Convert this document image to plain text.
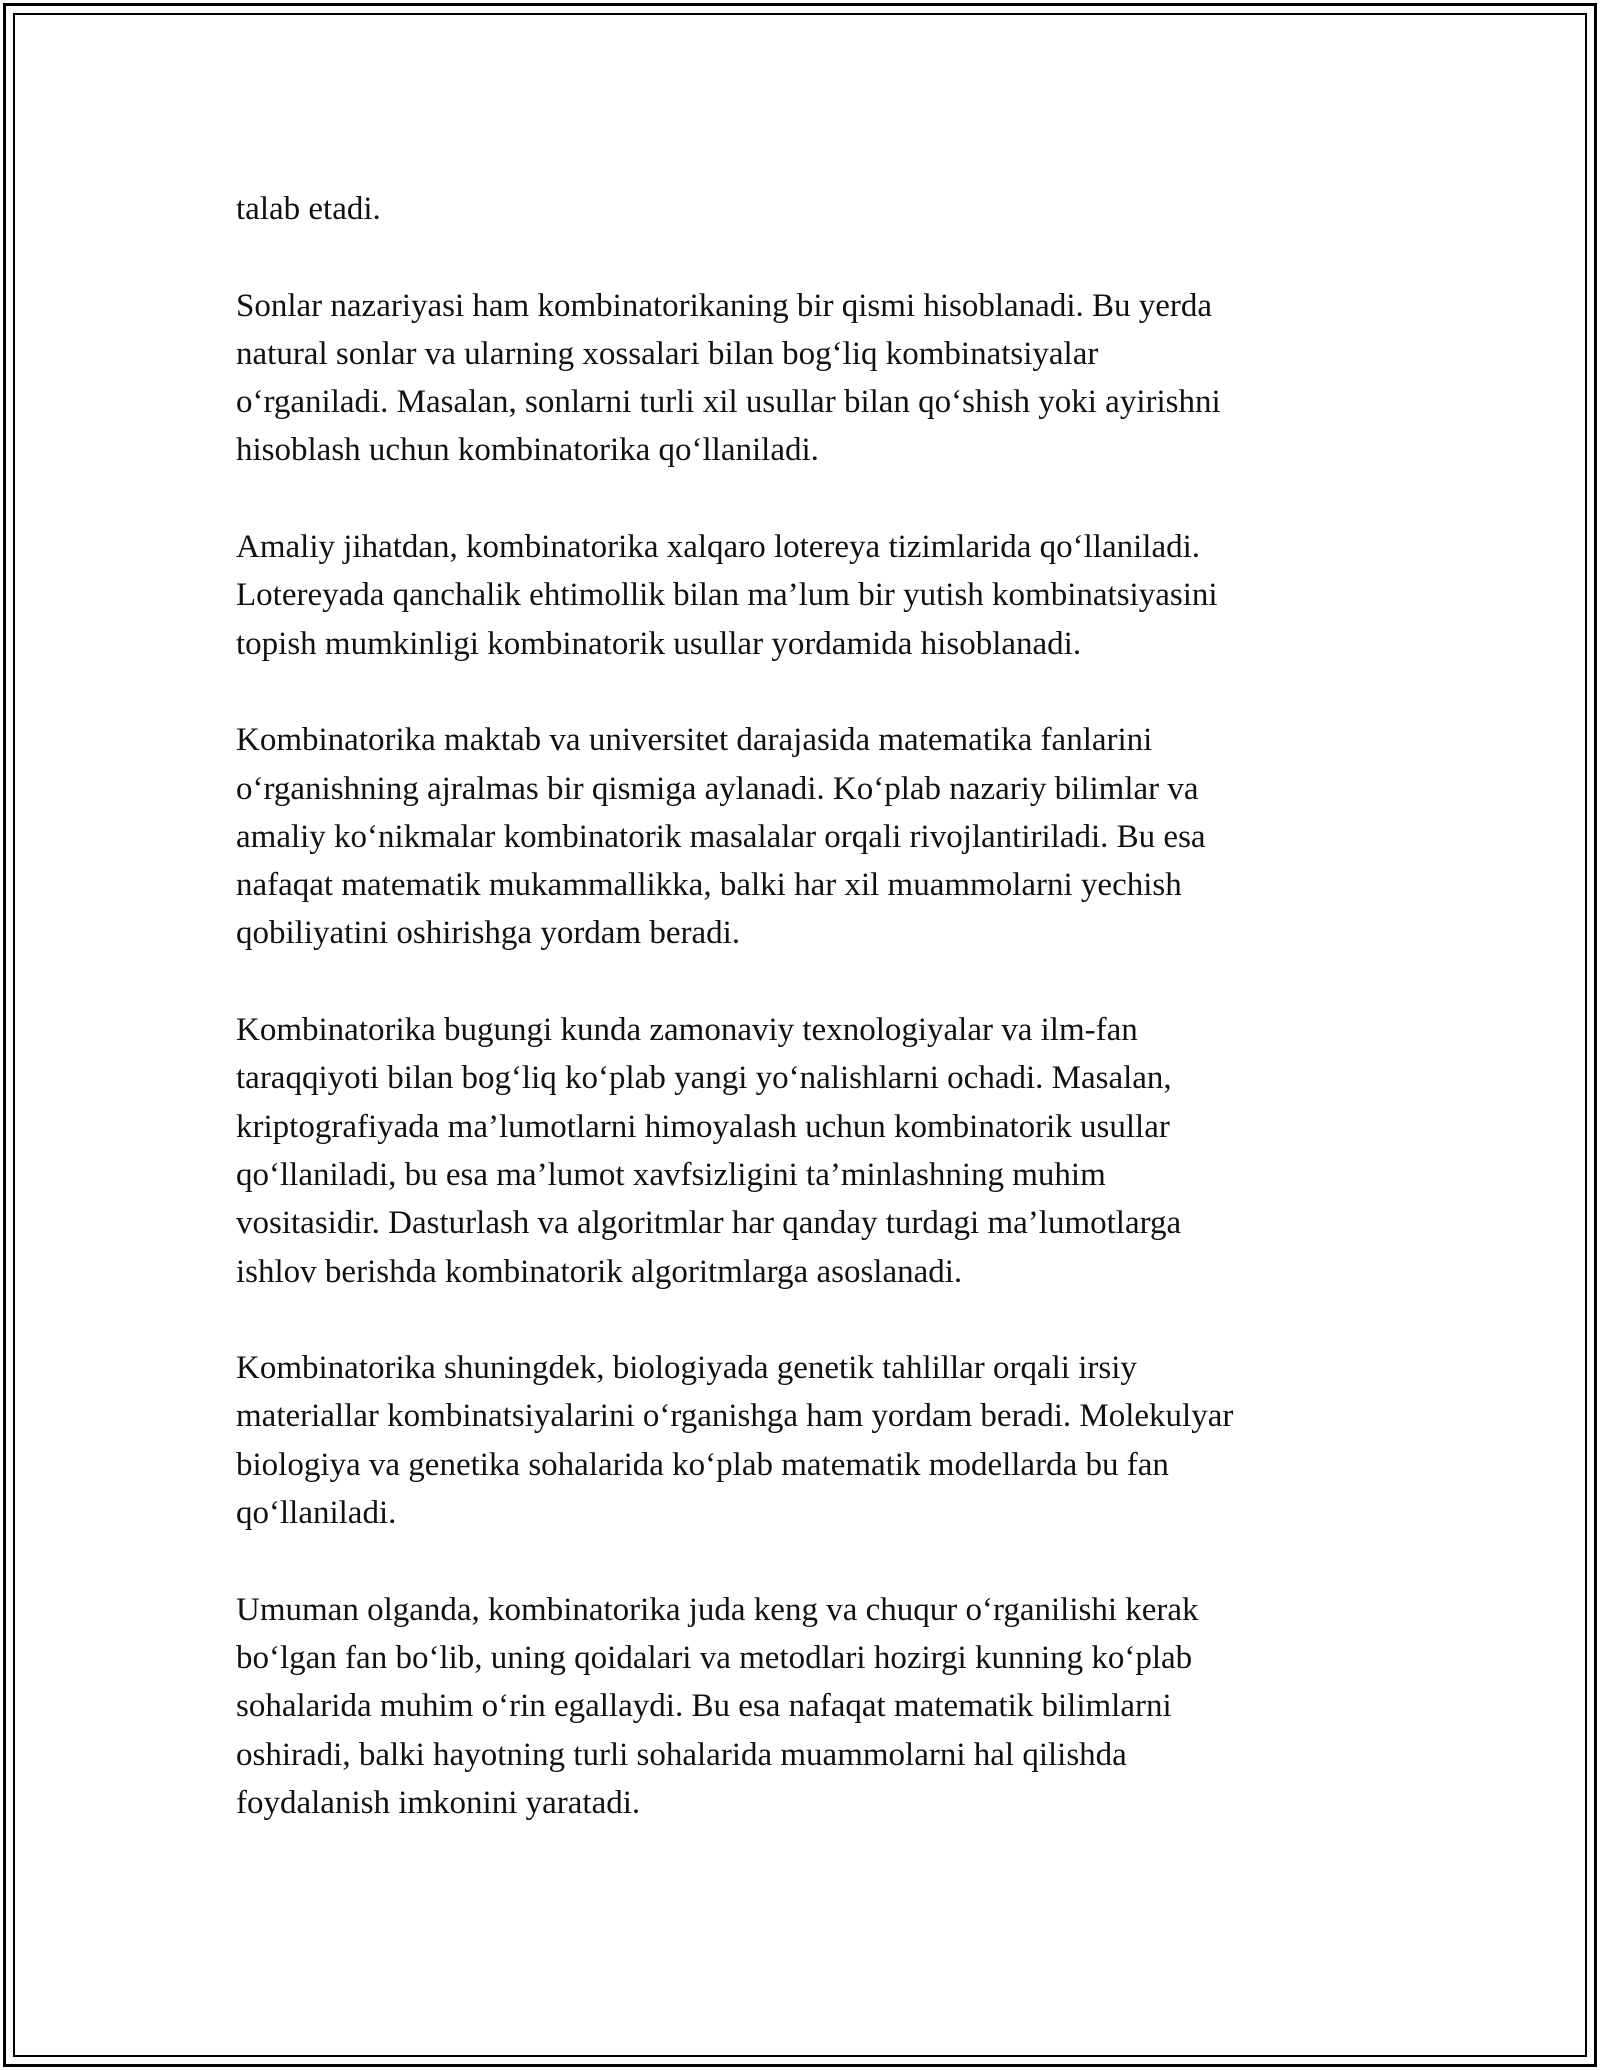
talab etadi.
Sonlar nazariyasi ham kombinatorikaning bir qismi hisoblanadi. Bu yerda
natural sonlar va ularning xossalari bilan bog‘liq kombinatsiyalar
o‘rganiladi. Masalan, sonlarni turli xil usullar bilan qo‘shish yoki ayirishni
hisoblash uchun kombinatorika qo‘llaniladi.
Amaliy jihatdan, kombinatorika xalqaro lotereya tizimlarida qo‘llaniladi.
Lotereyada qanchalik ehtimollik bilan ma’lum bir yutish kombinatsiyasini
topish mumkinligi kombinatorik usullar yordamida hisoblanadi.
Kombinatorika maktab va universitet darajasida matematika fanlarini
o‘rganishning ajralmas bir qismiga aylanadi. Ko‘plab nazariy bilimlar va
amaliy ko‘nikmalar kombinatorik masalalar orqali rivojlantiriladi. Bu esa
nafaqat matematik mukammallikka, balki har xil muammolarni yechish
qobiliyatini oshirishga yordam beradi.
Kombinatorika bugungi kunda zamonaviy texnologiyalar va ilm-fan
taraqqiyoti bilan bog‘liq ko‘plab yangi yo‘nalishlarni ochadi. Masalan,
kriptografiyada ma’lumotlarni himoyalash uchun kombinatorik usullar
qo‘llaniladi, bu esa ma’lumot xavfsizligini ta’minlashning muhim
vositasidir. Dasturlash va algoritmlar har qanday turdagi ma’lumotlarga
ishlov berishda kombinatorik algoritmlarga asoslanadi.
Kombinatorika shuningdek, biologiyada genetik tahlillar orqali irsiy
materiallar kombinatsiyalarini o‘rganishga ham yordam beradi. Molekulyar
biologiya va genetika sohalarida ko‘plab matematik modellarda bu fan
qo‘llaniladi.
Umuman olganda, kombinatorika juda keng va chuqur o‘rganilishi kerak
bo‘lgan fan bo‘lib, uning qoidalari va metodlari hozirgi kunning ko‘plab
sohalarida muhim o‘rin egallaydi. Bu esa nafaqat matematik bilimlarni
oshiradi, balki hayotning turli sohalarida muammolarni hal qilishda
foydalanish imkonini yaratadi.
